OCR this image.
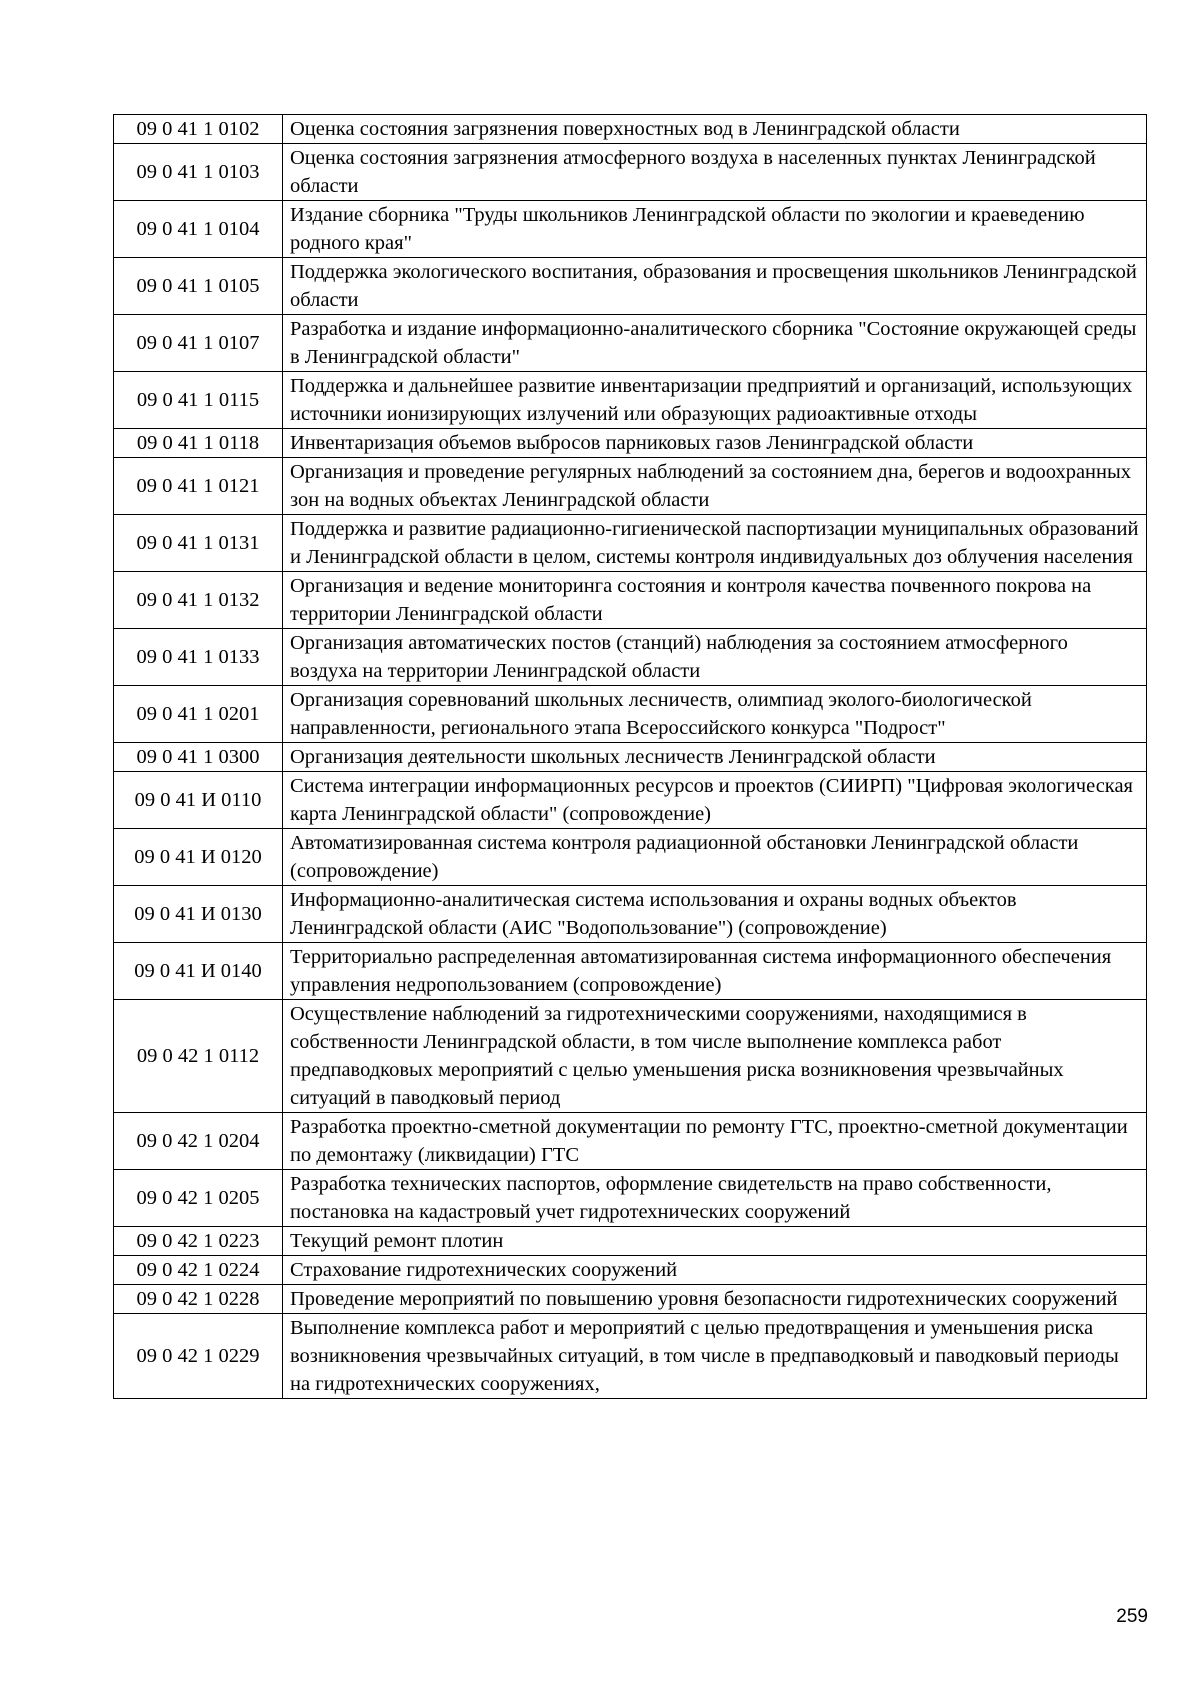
09 0 41 1 0102	Оценка состояния загрязнения поверхностных вод в Ленинградской области
09 0 41 1 0103	Оценка состояния загрязнения атмосферного воздуха в населенных пунктах Ленинградской области
09 0 41 1 0104	Издание сборника "Труды школьников Ленинградской области по экологии и краеведению родного края"
09 0 41 1 0105	Поддержка экологического воспитания, образования и просвещения школьников Ленинградской области
09 0 41 1 0107	Разработка и издание информационно-аналитического сборника "Состояние окружающей среды в Ленинградской области"
09 0 41 1 0115	Поддержка и дальнейшее развитие инвентаризации предприятий и организаций, использующих источники ионизирующих излучений или образующих радиоактивные отходы
09 0 41 1 0118	Инвентаризация объемов выбросов парниковых газов Ленинградской области
09 0 41 1 0121	Организация и проведение регулярных наблюдений за состоянием дна, берегов и водоохранных зон на водных объектах Ленинградской области
09 0 41 1 0131	Поддержка и развитие радиационно-гигиенической паспортизации муниципальных образований и Ленинградской области в целом, системы контроля индивидуальных доз облучения населения
09 0 41 1 0132	Организация и ведение мониторинга состояния и контроля качества почвенного покрова на территории Ленинградской области
09 0 41 1 0133	Организация автоматических постов (станций) наблюдения за состоянием атмосферного воздуха на территории Ленинградской области
09 0 41 1 0201	Организация соревнований школьных лесничеств, олимпиад эколого-биологической направленности, регионального этапа Всероссийского конкурса "Подрост"
09 0 41 1 0300	Организация деятельности школьных лесничеств Ленинградской области
09 0 41 И 0110	Система интеграции информационных ресурсов и проектов (СИИРП) "Цифровая экологическая карта Ленинградской области" (сопровождение)
09 0 41 И 0120	Автоматизированная система контроля радиационной обстановки Ленинградской области (сопровождение)
09 0 41 И 0130	Информационно-аналитическая система использования и охраны водных объектов Ленинградской области (АИС "Водопользование") (сопровождение)
09 0 41 И 0140	Территориально распределенная автоматизированная система информационного обеспечения управления недропользованием (сопровождение)
09 0 42 1 0112	Осуществление наблюдений за гидротехническими сооружениями, находящимися в собственности Ленинградской области, в том числе выполнение комплекса работ предпаводковых мероприятий с целью уменьшения риска возникновения чрезвычайных ситуаций в паводковый период
09 0 42 1 0204	Разработка проектно-сметной документации по ремонту ГТС, проектно-сметной документации по демонтажу (ликвидации) ГТС
09 0 42 1 0205	Разработка технических паспортов, оформление свидетельств на право собственности, постановка на кадастровый учет гидротехнических сооружений
09 0 42 1 0223	Текущий ремонт плотин
09 0 42 1 0224	Страхование гидротехнических сооружений
09 0 42 1 0228	Проведение мероприятий по повышению уровня безопасности гидротехнических сооружений
09 0 42 1 0229	Выполнение комплекса работ и мероприятий с целью предотвращения и уменьшения риска возникновения чрезвычайных ситуаций, в том числе в предпаводковый и паводковый периоды на гидротехнических сооружениях,
259
